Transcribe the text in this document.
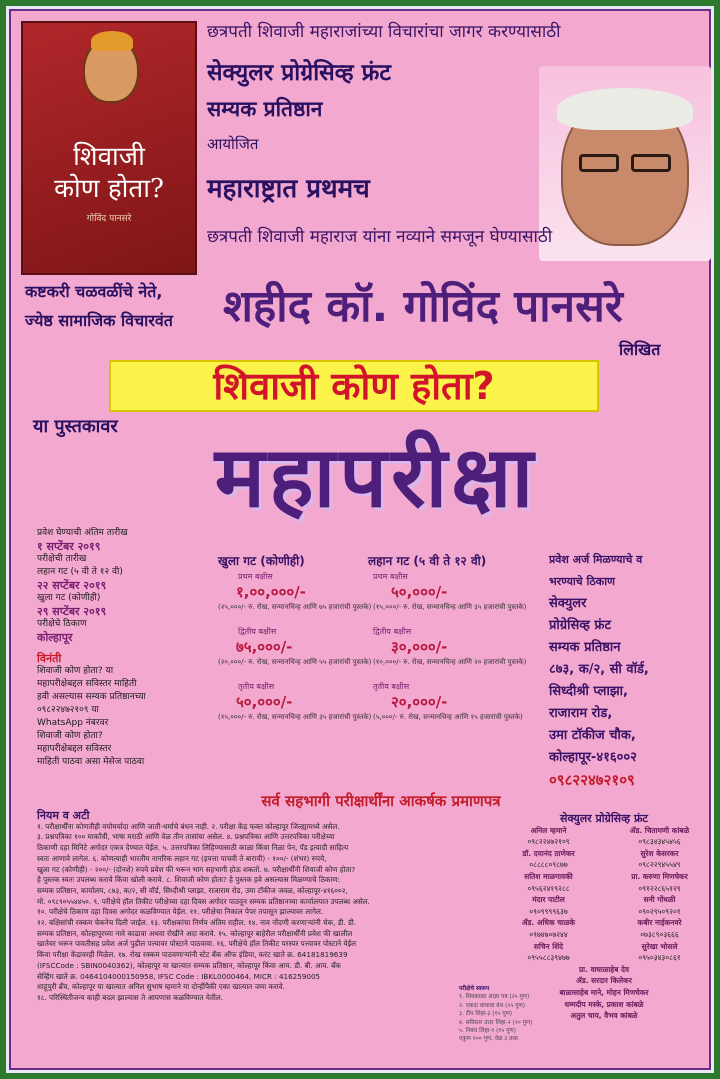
शिवाजी
कोण होता?
गोविंद पानसरे
छत्रपती शिवाजी महाराजांच्या विचारांचा जागर करण्यासाठी
सेक्युलर प्रोग्रेसिव्ह फ्रंट
सम्यक प्रतिष्ठान
आयोजित
महाराष्ट्रात प्रथमच
छत्रपती शिवाजी महाराज यांना नव्याने समजून घेण्यासाठी
कष्टकरी चळवळींचे नेते,
ज्येष्ठ सामाजिक विचारवंत शहीद कॉ. गोविंद पानसरे
लिखित
शिवाजी कोण होता?
या पुस्तकावर
महापरीक्षा
प्रवेश घेण्याची अंतिम तारीख
१ सप्टेंबर २०१९
परीक्षेची तारीख
लहान गट (५ वी ते १२ वी)
२२ सप्टेंबर २०१९
खुला गट (कोणीही)
२९ सप्टेंबर २०१९
परीक्षेचे ठिकाण
कोल्हापूर
विनंती
शिवाजी कोण होता? या
महापरीक्षेबद्दल सविस्तर माहिती
हवी असल्यास सम्यक प्रतिष्ठानच्या
०९८२२४७२१०९ या
WhatsApp नंबरवर
शिवाजी कोण होता?
महापरीक्षेबद्दल सविस्तर
माहिती पाठवा असा मेसेज पाठवा
खुला गट (कोणीही)	लहान गट (५ वी ते १२ वी)
प्रथम बक्षीस	प्रथम बक्षीस
१,००,०००/-	५०,०००/-
(२५,०००/- रु. रोख, सन्मानचिन्ह आणि ७५ हजारांची पुस्तके) (१५,०००/- रु. रोख, सन्मानचिन्ह आणि ३५ हजारांची पुस्तके)
द्वितीय बक्षीस	द्वितीय बक्षीस
७५,०००/-	३०,०००/-
(२०,०००/- रु. रोख, सन्मानचिन्ह आणि ५५ हजारांची पुस्तके) (१०,०००/- रु. रोख, सन्मानचिन्ह आणि २० हजारांची पुस्तके)
तृतीय बक्षीस	तृतीय बक्षीस
५०,०००/-	२०,०००/-
(१५,०००/- रु. रोख, सन्मानचिन्ह आणि ३५ हजारांची पुस्तके) (५,०००/- रु. रोख, सन्मानचिन्ह आणि १५ हजारांची पुस्तके)
प्रवेश अर्ज मिळण्याचे व
भरण्याचे ठिकाण
सेक्युलर
प्रोग्रेसिव्ह फ्रंट
सम्यक प्रतिष्ठान
८७३, क/२, सी वॉर्ड,
सिध्दीश्री प्लाझा,
राजाराम रोड,
उमा टॉकीज चौक,
कोल्हापूर-४१६००२
०९८२२४७२१०९
सर्व सहभागी परीक्षार्थींना आकर्षक प्रमाणपत्र
नियम व अटी
१. परीक्षार्थींना कोणतीही वयोमर्यादा आणि जाती-धर्माचे बंधन नाही. २. परीक्षा केंद्र फक्त कोल्हापूर जिल्ह्यामध्ये असेल.
३. प्रश्नपत्रिका १०० मार्कांची, भाषा मराठी आणि वेळ तीन तासांचा असेल. ४. प्रश्नपत्रिका आणि उत्तरपत्रिका परीक्षेच्या
ठिकाणी दहा मिनिटे अगोदर एकत्र देण्यात येईल. ५. उत्तरपत्रिका लिहिण्यासाठी काळा किंवा निळा पेन, पॅड इत्यादी साहित्य
स्वतः आणावे लागेल. ६. कोणत्याही भारतीय नागरिक लहान गट (इयत्ता पाचवी ते बारावी) - १००/- (शंभर) रुपये,
खुला गट (कोणीही) - २००/- (दोनशे) रुपये प्रवेश फी भरून भाग सहभागी होऊ शकतो. ७. परीक्षार्थींनी शिवाजी कोण होता?
हे पुस्तक स्वतः उपलब्ध करावे किंवा खोली करावे. ८. शिवाजी कोण होता? हे पुस्तक हवे असल्यास मिळण्याचे ठिकाण:
सम्यक प्रतिष्ठान, कार्यालय, ८७३, क/२, सी वॉर्ड, सिध्दीश्री प्लाझा, राजाराम रोड, उमा टॉकीज जवळ, कोल्हापूर-४१६००२,
मो. ०९८९०५५४४५०. ९. परीक्षेचे हॉल तिकीट परीक्षेच्या दहा दिवस अगोदर पाठवून सम्यक प्रतिष्ठानच्या कार्यालयात उपलब्ध असेल.
१०. परीक्षेचे ठिकाण दहा दिवस अगोदर कळविण्यात येईल. ११. परीक्षेचा निकाल पेपर तपासून झाल्यावर लागेल.
१२. बक्षिसांची रक्कम चेकनेच दिली जाईल. १३. परीक्षकांचा निर्णय अंतिम राहील. १४. नाव नोंदणी करणाऱ्यांनी चेक, डी. डी.
सम्यक प्रतिष्ठान, कोल्हापूरच्या नावे काढावा अथवा रोखीने अदा करावे. १५. कोल्हापूर बाहेरील परीक्षार्थींनी प्रवेश फी खालील
खातेवर भरून पावतीसह प्रवेश अर्ज पुढील पत्त्यावर पोस्टाने पाठवावा. १६. परीक्षेचे हॉल तिकीट परस्पर पत्त्यावर पोस्टाने येईल
किंवा परीक्षा केंद्रावरही मिळेल. १७. रोख रक्कम पाठवणाऱ्यांनी स्टेट बँक ऑफ इंडिया, करंट खाते क्र. 64181819639
(IFSCCode : SBIN0040362), कोल्हापूर या खात्यात सम्यक प्रतिष्ठान, कोल्हापूर किंवा आय. डी. बी. आय. बँक
सेव्हिंग खाते क्र. 0464104000150958, IFSC Code : IBKL0000464, MICR : 416259005
शाहूपुरी ब्रँच, कोल्हापूर या खात्यात अनिल सुभाष म्हमाने या दोन्हींपैकी एका खात्यात जमा करावे.
१८. परिस्थितीजन्य काही बदल झाल्यास ते आपणास कळविण्यात येतील.
सेक्युलर प्रोग्रेसिव्ह फ्रंट
अनिल म्हमाने	ॲड. चितामणी कांबळे
०९८२२४७२१०९	०९८३४३४५४५६
डॉ. दयानंद ठाणेकर	सुरेश केसरकर
०८८८८०९८७७	०९८२२९४५५४९
सतिश माळगावकी	प्रा. करुणा मिणचेकर
०९५६२४१९२८८	०९१२२८६५१२९
मंदार पाटील	सनी गोंधळी
०९०९९९९६३७	०९०२९५०९२०१
ॲड. अधिक चाळके	कबीर नाईकनवरे
०९७४७०७२४४	०७३८९०३६६६
सचिन शिंदे	सुरेखा भोसले
०९५५८८३९४७७	०९५०३४३०८६१
प्रा. वाघाळाहेब देव
ॲड. सरदार किलेकर
बाळासाहेब माने, मोहन मिणचेकर
धम्मदीप मस्के, प्रकाश कांबळे
अतुल चाय, वैभव कांबळे
परीक्षेचे स्वरूप
१. शिवकाळा आज्ञा पत्र (२५ गुण)
२. एकदा वाचावा ग्रंथ (२५ गुण)
३. टीप लिहा-३ (१५ गुण)
४. सविस्तर उत्तर लिहा-२ (२० गुण)
५. निबंध लिहा-१ (१५ गुण)
एकूण १०० गुण, वेळ ३ तास
